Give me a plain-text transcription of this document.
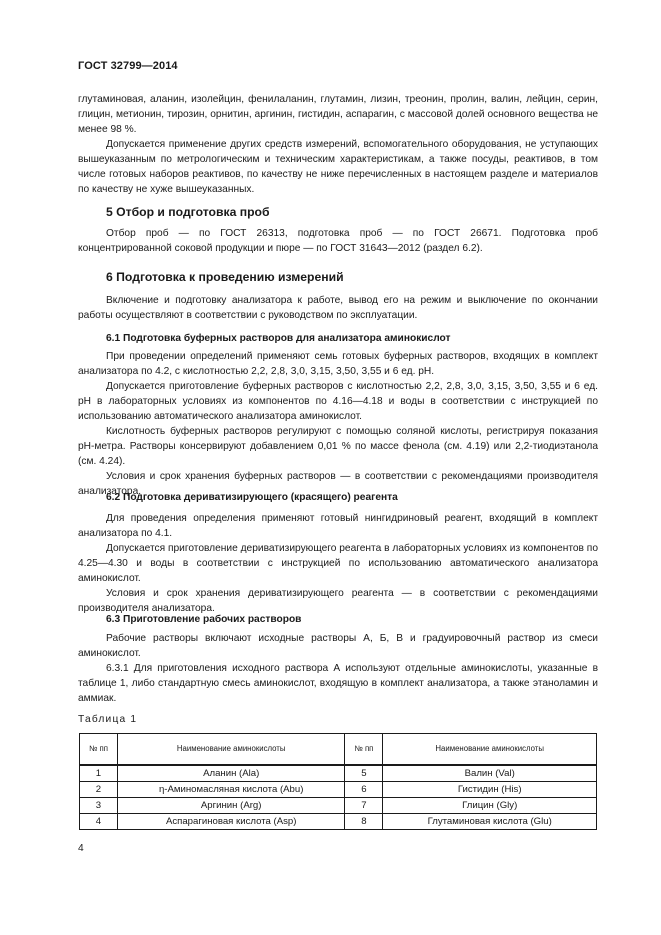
ГОСТ 32799—2014

глутаминовая, аланин, изолейцин, фенилаланин, глутамин, лизин, треонин, пролин, валин, лейцин, серин, глицин, метионин, тирозин, орнитин, аргинин, гистидин, аспарагин, с массовой долей основного вещества не менее 98 %.

Допускается применение других средств измерений, вспомогательного оборудования, не уступающих вышеуказанным по метрологическим и техническим характеристикам, а также посуды, реактивов, в том числе готовых наборов реактивов, по качеству не ниже перечисленных в настоящем разделе и материалов по качеству не хуже вышеуказанных.

5 Отбор и подготовка проб

Отбор проб — по ГОСТ 26313, подготовка проб — по ГОСТ 26671. Подготовка проб концентрированной соковой продукции и пюре — по ГОСТ 31643—2012 (раздел 6.2).

6 Подготовка к проведению измерений

Включение и подготовку анализатора к работе, вывод его на режим и выключение по окончании работы осуществляют в соответствии с руководством по эксплуатации.

6.1 Подготовка буферных растворов для анализатора аминокислот

При проведении определений применяют семь готовых буферных растворов, входящих в комплект анализатора по 4.2, с кислотностью 2,2, 2,8, 3,0, 3,15, 3,50, 3,55 и 6 ед. pH.

Допускается приготовление буферных растворов с кислотностью 2,2, 2,8, 3,0, 3,15, 3,50, 3,55 и 6 ед. pH в лабораторных условиях из компонентов по 4.16—4.18 и воды в соответствии с инструкцией по использованию автоматического анализатора аминокислот.

Кислотность буферных растворов регулируют с помощью соляной кислоты, регистрируя показания pH-метра. Растворы консервируют добавлением 0,01 % по массе фенола (см. 4.19) или 2,2-тиодиэтанола (см. 4.24).

Условия и срок хранения буферных растворов — в соответствии с рекомендациями производителя анализатора.

6.2 Подготовка дериватизирующего (красящего) реагента

Для проведения определения применяют готовый нингидриновый реагент, входящий в комплект анализатора по 4.1.

Допускается приготовление дериватизирующего реагента в лабораторных условиях из компонентов по 4.25—4.30 и воды в соответствии с инструкцией по использованию автоматического анализатора аминокислот.

Условия и срок хранения дериватизирующего реагента — в соответствии с рекомендациями производителя анализатора.

6.3 Приготовление рабочих растворов

Рабочие растворы включают исходные растворы А, Б, В и градуировочный раствор из смеси аминокислот.

6.3.1 Для приготовления исходного раствора А используют отдельные аминокислоты, указанные в таблице 1, либо стандартную смесь аминокислот, входящую в комплект анализатора, а также этаноламин и аммиак.

Таблица 1
№ пп	Наименование аминокислоты	№ пп	Наименование аминокислоты
1	Аланин (Ala)	5	Валин (Val)
2	η-Аминомасляная кислота (Abu)	6	Гистидин (His)
3	Аргинин (Arg)	7	Глицин (Gly)
4	Аспарагиновая кислота (Asp)	8	Глутаминовая кислота (Glu)
4
